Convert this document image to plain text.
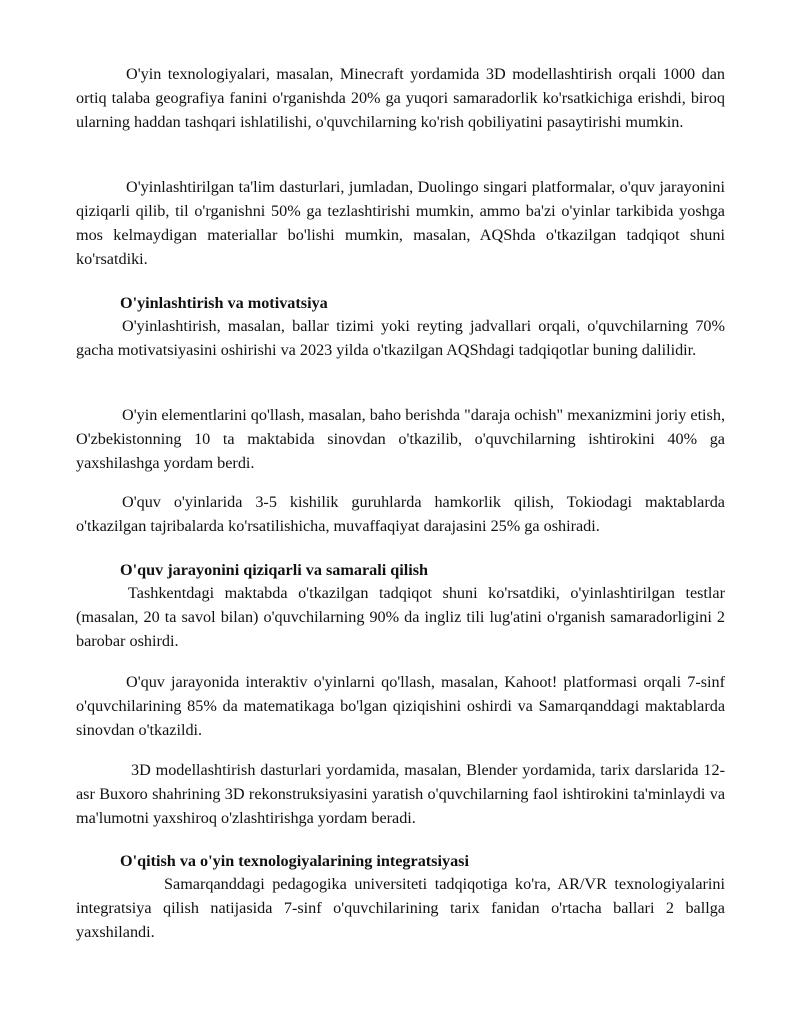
O'yin texnologiyalari, masalan, Minecraft yordamida 3D modellashtirish orqali 1000 dan ortiq talaba geografiya fanini o'rganishda 20% ga yuqori samaradorlik ko'rsatkichiga erishdi, biroq ularning haddan tashqari ishlatilishi, o'quvchilarning ko'rish qobiliyatini pasaytirishi mumkin.

O'yinlashtirilgan ta'lim dasturlari, jumladan, Duolingo singari platformalar, o'quv jarayonini qiziqarli qilib, til o'rganishni 50% ga tezlashtirishi mumkin, ammo ba'zi o'yinlar tarkibida yoshga mos kelmaydigan materiallar bo'lishi mumkin, masalan, AQShda o'tkazilgan tadqiqot shuni ko'rsatdiki.

O'yinlashtirish va motivatsiya

O'yinlashtirish, masalan, ballar tizimi yoki reyting jadvallari orqali, o'quvchilarning 70% gacha motivatsiyasini oshirishi va 2023 yilda o'tkazilgan AQShdagi tadqiqotlar buning dalilidir.

O'yin elementlarini qo'llash, masalan, baho berishda "daraja ochish" mexanizmini joriy etish, O'zbekistonning 10 ta maktabida sinovdan o'tkazilib, o'quvchilarning ishtirokini 40% ga yaxshilashga yordam berdi.

O'quv o'yinlarida 3-5 kishilik guruhlarda hamkorlik qilish, Tokiodagi maktablarda o'tkazilgan tajribalarda ko'rsatilishicha, muvaffaqiyat darajasini 25% ga oshiradi.

O'quv jarayonini qiziqarli va samarali qilish

Tashkentdagi maktabda o'tkazilgan tadqiqot shuni ko'rsatdiki, o'yinlashtirilgan testlar (masalan, 20 ta savol bilan) o'quvchilarning 90% da ingliz tili lug'atini o'rganish samaradorligini 2 barobar oshirdi.

O'quv jarayonida interaktiv o'yinlarni qo'llash, masalan, Kahoot! platformasi orqali 7-sinf o'quvchilarining 85% da matematikaga bo'lgan qiziqishini oshirdi va Samarqanddagi maktablarda sinovdan o'tkazildi.

3D modellashtirish dasturlari yordamida, masalan, Blender yordamida, tarix darslarida 12-asr Buxoro shahrining 3D rekonstruksiyasini yaratish o'quvchilarning faol ishtirokini ta'minlaydi va ma'lumotni yaxshiroq o'zlashtirishga yordam beradi.

O'qitish va o'yin texnologiyalarining integratsiyasi

Samarqanddagi pedagogika universiteti tadqiqotiga ko'ra, AR/VR texnologiyalarini integratsiya qilish natijasida 7-sinf o'quvchilarining tarix fanidan o'rtacha ballari 2 ballga yaxshilandi.
